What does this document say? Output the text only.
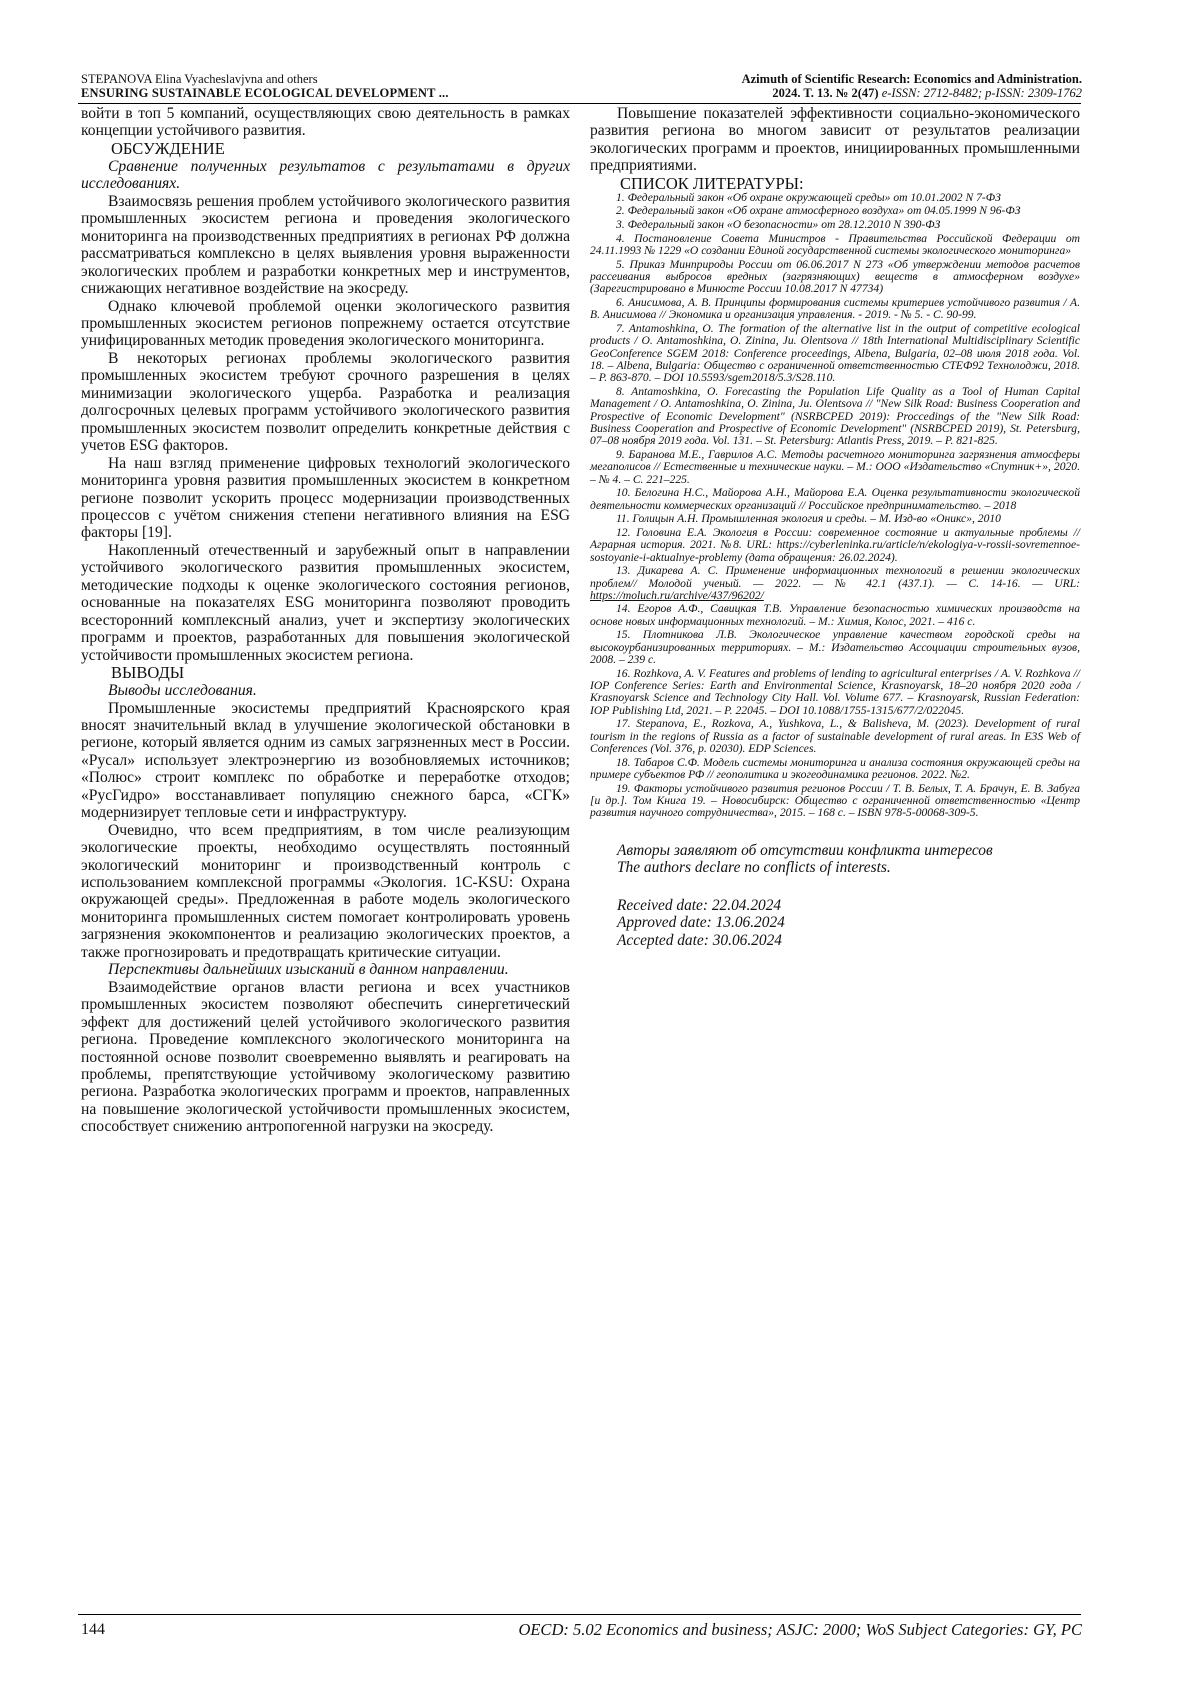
STEPANOVA Elina Vyacheslavjvna and others
ENSURING SUSTAINABLE ECOLOGICAL DEVELOPMENT ...
Azimuth of Scientific Research: Economics and Administration.
2024. T. 13. № 2(47) e-ISSN: 2712-8482; p-ISSN: 2309-1762

войти в топ 5 компаний, осуществляющих свою деятельность в рамках концепции устойчивого развития.

ОБСУЖДЕНИЕ

Сравнение полученных результатов с результатами в других исследованиях.

Взаимосвязь решения проблем устойчивого экологического развития промышленных экосистем региона и проведения экологического мониторинга на производственных предприятиях в регионах РФ должна рассматриваться комплексно в целях выявления уровня выраженности экологических проблем и разработки конкретных мер и инструментов, снижающих негативное воздействие на экосреду.

Однако ключевой проблемой оценки экологического развития промышленных экосистем регионов попрежнему остается отсутствие унифицированных методик проведения экологического мониторинга.

В некоторых регионах проблемы экологического развития промышленных экосистем требуют срочного разрешения в целях минимизации экологического ущерба. Разработка и реализация долгосрочных целевых программ устойчивого экологического развития промышленных экосистем позволит определить конкретные действия с учетов ESG факторов.

На наш взгляд применение цифровых технологий экологического мониторинга уровня развития промышленных экосистем в конкретном регионе позволит ускорить процесс модернизации производственных процессов с учётом снижения степени негативного влияния на ESG факторы [19].

Накопленный отечественный и зарубежный опыт в направлении устойчивого экологического развития промышленных экосистем, методические подходы к оценке экологического состояния регионов, основанные на показателях ESG мониторинга позволяют проводить всесторонний комплексный анализ, учет и экспертизу экологических программ и проектов, разработанных для повышения экологической устойчивости промышленных экосистем региона.

ВЫВОДЫ

Выводы исследования.

Промышленные экосистемы предприятий Красноярского края вносят значительный вклад в улучшение экологической обстановки в регионе, который является одним из самых загрязненных мест в России. «Русал» использует электроэнергию из возобновляемых источников; «Полюс» строит комплекс по обработке и переработке отходов; «РусГидро» восстанавливает популяцию снежного барса, «СГК» модернизирует тепловые сети и инфраструктуру.

Очевидно, что всем предприятиям, в том числе реализующим экологические проекты, необходимо осуществлять постоянный экологический мониторинг и производственный контроль с использованием комплексной программы «Экология. 1С-KSU: Охрана окружающей среды». Предложенная в работе модель экологического мониторинга промышленных систем помогает контролировать уровень загрязнения экокомпонентов и реализацию экологических проектов, а также прогнозировать и предотвращать критические ситуации.

Перспективы дальнейших изысканий в данном направлении.

Взаимодействие органов власти региона и всех участников промышленных экосистем позволяют обеспечить синергетический эффект для достижений целей устойчивого экологического развития региона. Проведение комплексного экологического мониторинга на постоянной основе позволит своевременно выявлять и реагировать на проблемы, препятствующие устойчивому экологическому развитию региона. Разработка экологических программ и проектов, направленных на повышение экологической устойчивости промышленных экосистем, способствует снижению антропогенной нагрузки на экосреду.

Повышение показателей эффективности социально-экономического развития региона во многом зависит от результатов реализации экологических программ и проектов, инициированных промышленными предприятиями.

СПИСОК ЛИТЕРАТУРЫ:
1. Федеральный закон «Об охране окружающей среды» от 10.01.2002 N 7-ФЗ
2. Федеральный закон «Об охране атмосферного воздуха» от 04.05.1999 N 96-ФЗ
3. Федеральный закон «О безопасности» от 28.12.2010 N 390-ФЗ
4. Постановление Совета Министров - Правительства Российской Федерации от 24.11.1993 № 1229 «О создании Единой государственной системы экологического мониторинга»
5. Приказ Минприроды России от 06.06.2017 N 273 «Об утверждении методов расчетов рассеивания выбросов вредных (загрязняющих) веществ в атмосферном воздухе» (Зарегистрировано в Минюсте России 10.08.2017 N 47734)
6. Анисимова, А. В. Принципы формирования системы критериев устойчивого развития / А. В. Анисимова // Экономика и организация управления. - 2019. - № 5. - С. 90-99.
7. Antamoshkina, O. The formation of the alternative list in the output of competitive ecological products / O. Antamoshkina, O. Zinina, Ju. Olentsova // 18th International Multidisciplinary Scientific GeoConference SGEM 2018: Conference proceedings, Albena, Bulgaria, 02–08 июля 2018 года. Vol. 18. – Albena, Bulgaria: Общество с ограниченной ответственностью СТЕФ92 Технолоджи, 2018. – P. 863-870. – DOI 10.5593/sgem2018/5.3/S28.110.
8. Antamoshkina, O. Forecasting the Population Life Quality as a Tool of Human Capital Management / O. Antamoshkina, O. Zinina, Ju. Olentsova // "New Silk Road: Business Cooperation and Prospective of Economic Development" (NSRBCPED 2019): Proccedings of the "New Silk Road: Business Cooperation and Prospective of Economic Development" (NSRBCPED 2019), St. Petersburg, 07–08 ноября 2019 года. Vol. 131. – St. Petersburg: Atlantis Press, 2019. – P. 821-825.
9. Баранова М.Е., Гаврилов А.С. Методы расчетного мониторинга загрязнения атмосферы мегаполисов // Естественные и технические науки. – М.: ООО «Издательство «Спутник+», 2020. – № 4. – С. 221–225.
10. Белогина Н.С., Майорова А.Н., Майорова Е.А. Оценка результативности экологической деятельности коммерческих организаций // Российское предпринимательство. – 2018
11. Голицын А.Н. Промышленная экология и среды. – М. Изд-во «Оникс», 2010
12. Головина Е.А. Экология в России: современное состояние и актуальные проблемы // Аграрная история. 2021. №8. URL: https://cyberleninka.ru/article/n/ekologiya-v-rossii-sovremennoe-sostoyanie-i-aktualnye-problemy (дата обращения: 26.02.2024).
13. Дикарева А. С. Применение информационных технологий в решении экологических проблем// Молодой ученый. — 2022. — № 42.1 (437.1). — С. 14-16. — URL: https://moluch.ru/archive/437/96202/
14. Егоров А.Ф., Савицкая Т.В. Управление безопасностью химических производств на основе новых информационных технологий. – М.: Химия, Колос, 2021. – 416 с.
15. Плотникова Л.В. Экологическое управление качеством городской среды на высокоурбанизированных территориях. – М.: Издательство Ассоциации строительных вузов, 2008. – 239 с.
16. Rozhkova, A. V. Features and problems of lending to agricultural enterprises / A. V. Rozhkova // IOP Conference Series: Earth and Environmental Science, Krasnoyarsk, 18–20 ноября 2020 года / Krasnoyarsk Science and Technology City Hall. Vol. Volume 677. – Krasnoyarsk, Russian Federation: IOP Publishing Ltd, 2021. – P. 22045. – DOI 10.1088/1755-1315/677/2/022045.
17. Stepanova, E., Rozkova, A., Yushkova, L., & Balisheva, M. (2023). Development of rural tourism in the regions of Russia as a factor of sustainable development of rural areas. In E3S Web of Conferences (Vol. 376, p. 02030). EDP Sciences.
18. Табаров С.Ф. Модель системы мониторинга и анализа состояния окружающей среды на примере субъектов РФ // геополитика и экогеодинамика регионов. 2022. №2.
19. Факторы устойчивого развития регионов России / Т. В. Белых, Т. А. Брачун, Е. В. Забуга [и др.]. Том Книга 19. – Новосибирск: Общество с ограниченной ответственностью «Центр развития научного сотрудничества», 2015. – 168 с. – ISBN 978-5-00068-309-5.
Авторы заявляют об отсутствии конфликта интересов
The authors declare no conflicts of interests.
Received date: 22.04.2024
Approved date: 13.06.2024
Accepted date: 30.06.2024
144	OECD: 5.02 Economics and business; ASJC: 2000; WoS Subject Categories: GY, PC
